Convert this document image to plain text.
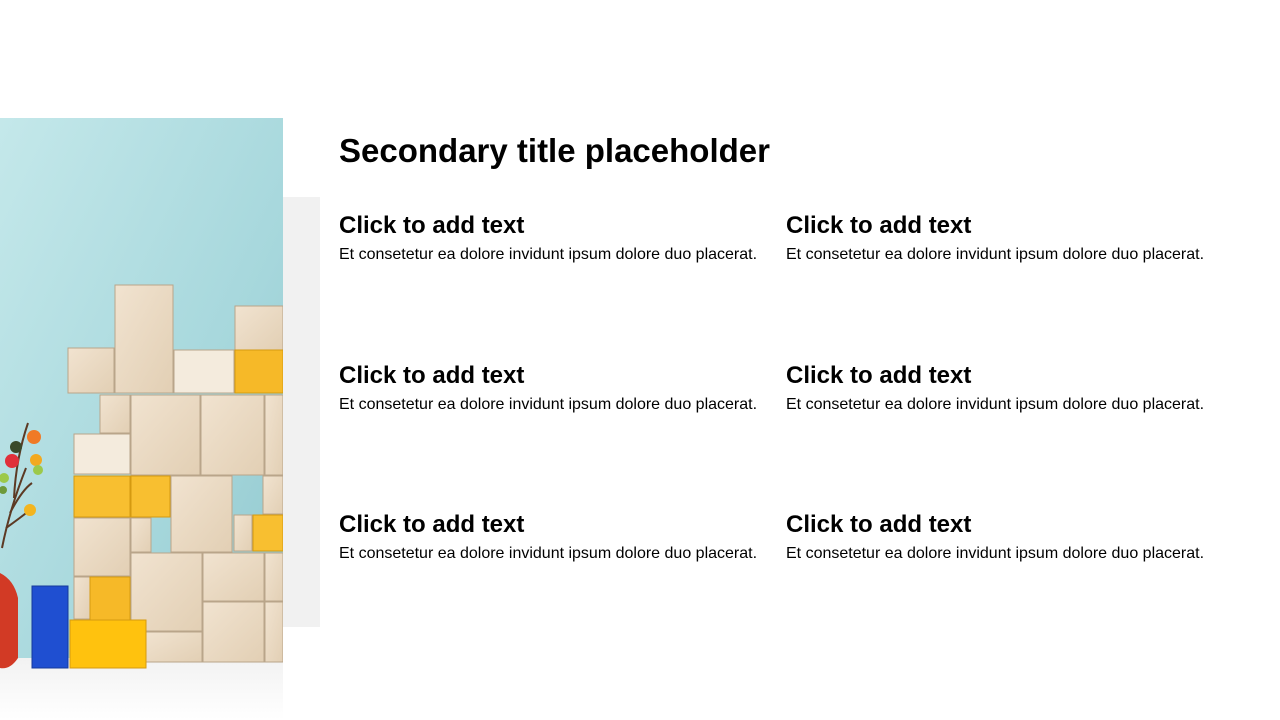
Secondary title placeholder
Click to add text

Et consetetur ea dolore invidunt ipsum dolore duo placerat.

Click to add text

Et consetetur ea dolore invidunt ipsum dolore duo placerat.

Click to add text

Et consetetur ea dolore invidunt ipsum dolore duo placerat.

Click to add text

Et consetetur ea dolore invidunt ipsum dolore duo placerat.

Click to add text

Et consetetur ea dolore invidunt ipsum dolore duo placerat.

Click to add text

Et consetetur ea dolore invidunt ipsum dolore duo placerat.
